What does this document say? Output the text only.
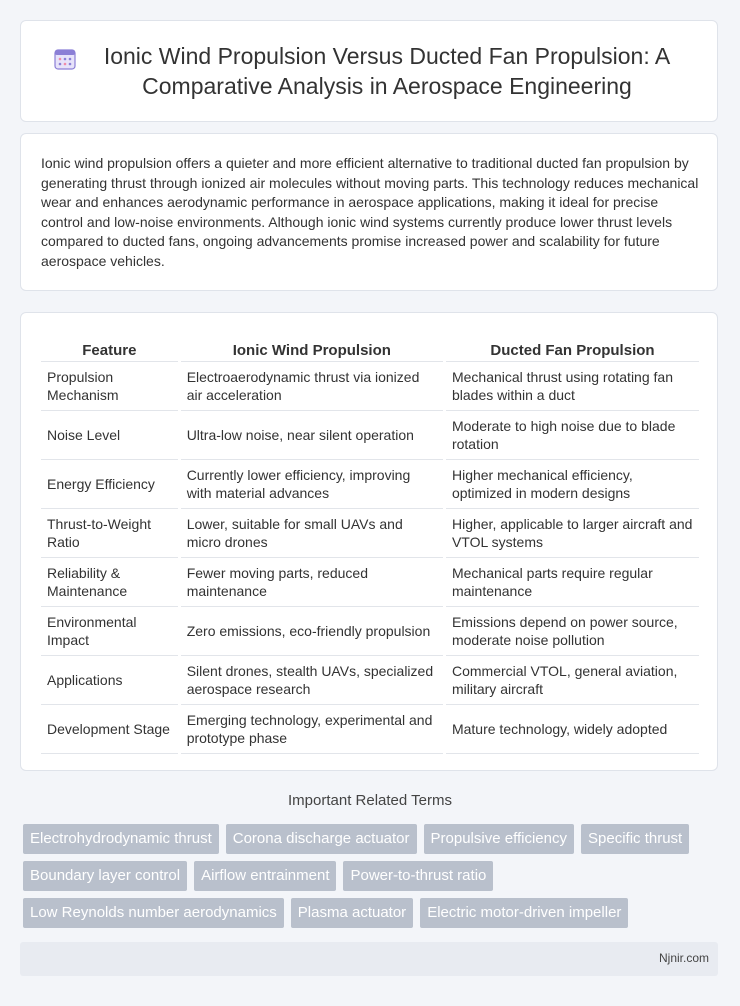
Ionic Wind Propulsion Versus Ducted Fan Propulsion: A Comparative Analysis in Aerospace Engineering

Ionic wind propulsion offers a quieter and more efficient alternative to traditional ducted fan propulsion by generating thrust through ionized air molecules without moving parts. This technology reduces mechanical wear and enhances aerodynamic performance in aerospace applications, making it ideal for precise control and low-noise environments. Although ionic wind systems currently produce lower thrust levels compared to ducted fans, ongoing advancements promise increased power and scalability for future aerospace vehicles.

Feature	Ionic Wind Propulsion	Ducted Fan Propulsion
Propulsion Mechanism	Electroaerodynamic thrust via ionized air acceleration	Mechanical thrust using rotating fan blades within a duct
Noise Level	Ultra-low noise, near silent operation	Moderate to high noise due to blade rotation
Energy Efficiency	Currently lower efficiency, improving with material advances	Higher mechanical efficiency, optimized in modern designs
Thrust-to-Weight Ratio	Lower, suitable for small UAVs and micro drones	Higher, applicable to larger aircraft and VTOL systems
Reliability & Maintenance	Fewer moving parts, reduced maintenance	Mechanical parts require regular maintenance
Environmental Impact	Zero emissions, eco-friendly propulsion	Emissions depend on power source, moderate noise pollution
Applications	Silent drones, stealth UAVs, specialized aerospace research	Commercial VTOL, general aviation, military aircraft
Development Stage	Emerging technology, experimental and prototype phase	Mature technology, widely adopted
Important Related Terms
Electrohydrodynamic thrust	Corona discharge actuator	Propulsive efficiency	Specific thrust
Boundary layer control	Airflow entrainment	Power-to-thrust ratio
Low Reynolds number aerodynamics	Plasma actuator	Electric motor-driven impeller
Njnir.com
